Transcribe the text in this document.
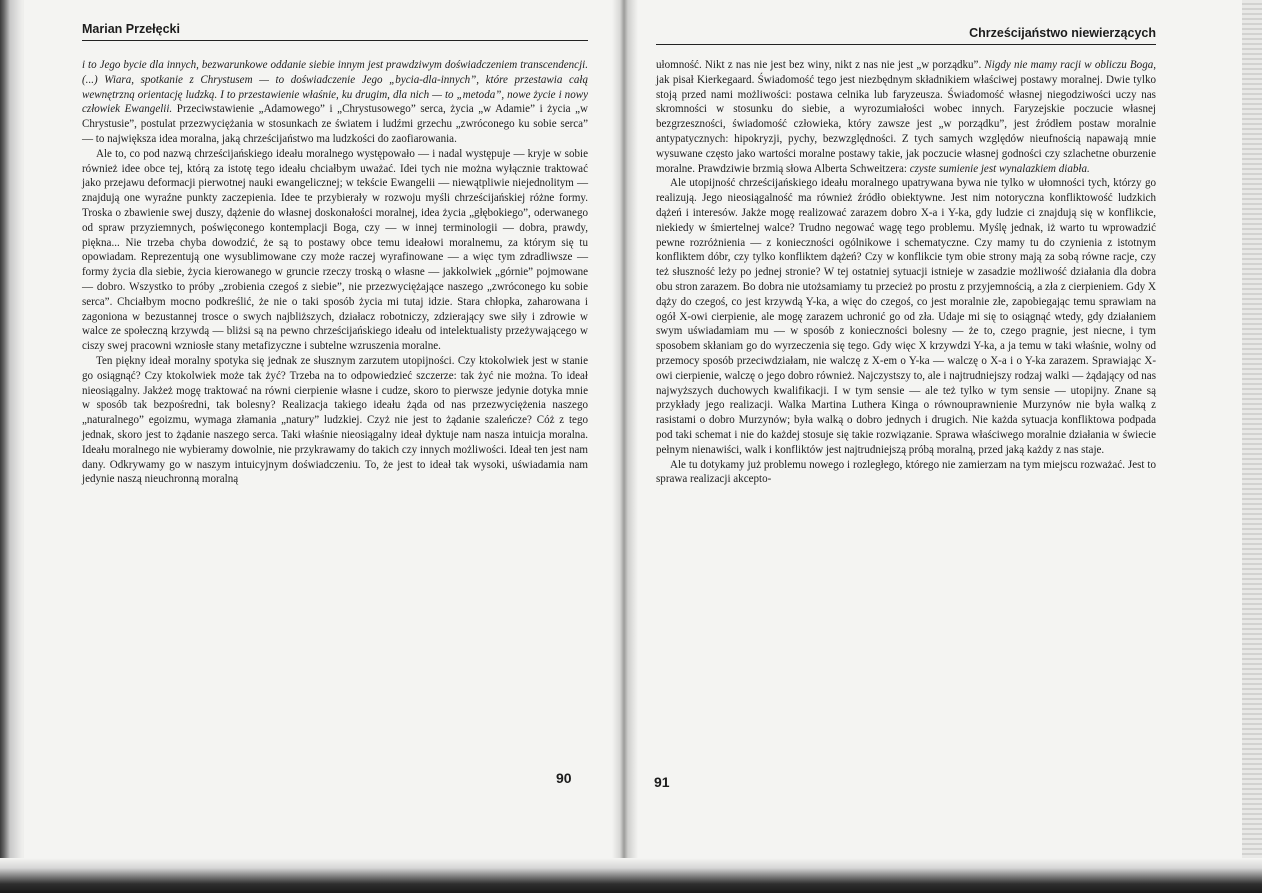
Marian Przełęcki

i to Jego bycie dla innych, bezwarunkowe oddanie siebie innym jest prawdziwym doświadczeniem transcendencji. (...) Wiara, spotkanie z Chrystusem — to doświadczenie Jego „bycia-dla-innych”, które przestawia całą wewnętrzną orientację ludzką. I to przestawienie właśnie, ku drugim, dla nich — to „metoda”, nowe życie i nowy człowiek Ewangelii. Przeciwstawienie „Adamowego” i „Chrystusowego” serca, życia „w Adamie” i życia „w Chrystusie”, postulat przezwyciężania w stosunkach ze światem i ludźmi grzechu „zwróconego ku sobie serca” — to największa idea moralna, jaką chrześcijaństwo ma ludzkości do zaofiarowania.

Ale to, co pod nazwą chrześcijańskiego ideału moralnego występowało — i nadal występuje — kryje w sobie również idee obce tej, którą za istotę tego ideału chciałbym uważać. Idei tych nie można wyłącznie traktować jako przejawu deformacji pierwotnej nauki ewangelicznej; w tekście Ewangelii — niewątpliwie niejednolitym — znajdują one wyraźne punkty zaczepienia. Idee te przybierały w rozwoju myśli chrześcijańskiej różne formy. Troska o zbawienie swej duszy, dążenie do własnej doskonałości moralnej, idea życia „głębokiego”, oderwanego od spraw przyziemnych, poświęconego kontemplacji Boga, czy — w innej terminologii — dobra, prawdy, piękna... Nie trzeba chyba dowodzić, że są to postawy obce temu ideałowi moralnemu, za którym się tu opowiadam. Reprezentują one wysublimowane czy może raczej wyrafinowane — a więc tym zdradliwsze — formy życia dla siebie, życia kierowanego w gruncie rzeczy troską o własne — jakkolwiek „górnie” pojmowane — dobro. Wszystko to próby „zrobienia czegoś z siebie”, nie przezwyciężające naszego „zwróconego ku sobie serca”. Chciałbym mocno podkreślić, że nie o taki sposób życia mi tutaj idzie. Stara chłopka, zaharowana i zagoniona w bezustannej trosce o swych najbliższych, działacz robotniczy, zdzierający swe siły i zdrowie w walce ze społeczną krzywdą — bliżsi są na pewno chrześcijańskiego ideału od intelektualisty przeżywającego w ciszy swej pracowni wzniosłe stany metafizyczne i subtelne wzruszenia moralne.

Ten piękny ideał moralny spotyka się jednak ze słusznym zarzutem utopijności. Czy ktokolwiek jest w stanie go osiągnąć? Czy ktokolwiek może tak żyć? Trzeba na to odpowiedzieć szczerze: tak żyć nie można. To ideał nieosiągalny. Jakżeż mogę traktować na równi cierpienie własne i cudze, skoro to pierwsze jedynie dotyka mnie w sposób tak bezpośredni, tak bolesny? Realizacja takiego ideału żąda od nas przezwyciężenia naszego „naturalnego” egoizmu, wymaga złamania „natury” ludzkiej. Czyż nie jest to żądanie szaleńcze? Cóż z tego jednak, skoro jest to żądanie naszego serca. Taki właśnie nieosiągalny ideał dyktuje nam nasza intuicja moralna. Ideału moralnego nie wybieramy dowolnie, nie przykrawamy do takich czy innych możliwości. Ideał ten jest nam dany. Odkrywamy go w naszym intuicyjnym doświadczeniu. To, że jest to ideał tak wysoki, uświadamia nam jedynie naszą nieuchronną moralną

90
Chrześcijaństwo niewierzących

ułomność. Nikt z nas nie jest bez winy, nikt z nas nie jest „w porządku”. Nigdy nie mamy racji w obliczu Boga, jak pisał Kierkegaard. Świadomość tego jest niezbędnym składnikiem właściwej postawy moralnej. Dwie tylko stoją przed nami możliwości: postawa celnika lub faryzeusza. Świadomość własnej niegodziwości uczy nas skromności w stosunku do siebie, a wyrozumiałości wobec innych. Faryzejskie poczucie własnej bezgrzeszności, świadomość człowieka, który zawsze jest „w porządku”, jest źródłem postaw moralnie antypatycznych: hipokryzji, pychy, bezwzględności. Z tych samych względów nieufnością napawają mnie wysuwane często jako wartości moralne postawy takie, jak poczucie własnej godności czy szlachetne oburzenie moralne. Prawdziwie brzmią słowa Alberta Schweitzera: czyste sumienie jest wynalazkiem diabła.

Ale utopijność chrześcijańskiego ideału moralnego upatrywana bywa nie tylko w ułomności tych, którzy go realizują. Jego nieosiągalność ma również źródło obiektywne. Jest nim notoryczna konfliktowość ludzkich dążeń i interesów. Jakże mogę realizować zarazem dobro X-a i Y-ka, gdy ludzie ci znajdują się w konflikcie, niekiedy w śmiertelnej walce? Trudno negować wagę tego problemu. Myślę jednak, iż warto tu wprowadzić pewne rozróżnienia — z konieczności ogólnikowe i schematyczne. Czy mamy tu do czynienia z istotnym konfliktem dóbr, czy tylko konfliktem dążeń? Czy w konflikcie tym obie strony mają za sobą równe racje, czy też słuszność leży po jednej stronie? W tej ostatniej sytuacji istnieje w zasadzie możliwość działania dla dobra obu stron zarazem. Bo dobra nie utożsamiamy tu przecież po prostu z przyjemnością, a zła z cierpieniem. Gdy X dąży do czegoś, co jest krzywdą Y-ka, a więc do czegoś, co jest moralnie złe, zapobiegając temu sprawiam na ogół X-owi cierpienie, ale mogę zarazem uchronić go od zła. Udaje mi się to osiągnąć wtedy, gdy działaniem swym uświadamiam mu — w sposób z konieczności bolesny — że to, czego pragnie, jest niecne, i tym sposobem skłaniam go do wyrzeczenia się tego. Gdy więc X krzywdzi Y-ka, a ja temu w taki właśnie, wolny od przemocy sposób przeciwdziałam, nie walczę z X-em o Y-ka — walczę o X-a i o Y-ka zarazem. Sprawiając X-owi cierpienie, walczę o jego dobro również. Najczystszy to, ale i najtrudniejszy rodzaj walki — żądający od nas najwyższych duchowych kwalifikacji. I w tym sensie — ale też tylko w tym sensie — utopijny. Znane są przykłady jego realizacji. Walka Martina Luthera Kinga o równouprawnienie Murzynów nie była walką z rasistami o dobro Murzynów; była walką o dobro jednych i drugich. Nie każda sytuacja konfliktowa podpada pod taki schemat i nie do każdej stosuje się takie rozwiązanie. Sprawa właściwego moralnie działania w świecie pełnym nienawiści, walk i konfliktów jest najtrudniejszą próbą moralną, przed jaką każdy z nas staje.

Ale tu dotykamy już problemu nowego i rozległego, którego nie zamierzam na tym miejscu rozważać. Jest to sprawa realizacji akcepto-

91
